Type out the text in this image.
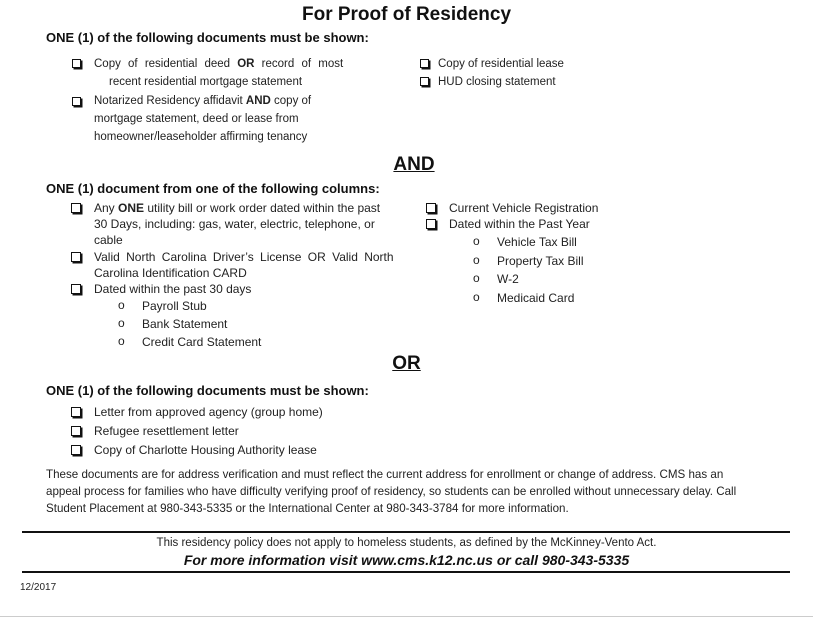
For Proof of Residency
ONE (1) of the following documents must be shown:
Copy of residential deed OR record of most
recent residential mortgage statement
Notarized Residency affidavit AND copy of
mortgage statement, deed or lease from
homeowner/leaseholder affirming tenancy
Copy of residential lease
HUD closing statement
AND
ONE (1) document from one of the following columns:
Any ONE utility bill or work order dated within the past
30 Days, including: gas, water, electric, telephone, or
cable
Valid North Carolina Driver’s License OR Valid North
Carolina Identification CARD
Dated within the past 30 days
o Payroll Stub
o Bank Statement
o Credit Card Statement
Current Vehicle Registration
Dated within the Past Year
o Vehicle Tax Bill
o Property Tax Bill
o W-2
o Medicaid Card
OR
ONE (1) of the following documents must be shown:
Letter from approved agency (group home)
Refugee resettlement letter
Copy of Charlotte Housing Authority lease
These documents are for address verification and must reflect the current address for enrollment or change of address. CMS has an
appeal process for families who have difficulty verifying proof of residency, so students can be enrolled without unnecessary delay. Call
Student Placement at 980-343-5335 or the International Center at 980-343-3784 for more information.
This residency policy does not apply to homeless students, as defined by the McKinney-Vento Act.
For more information visit www.cms.k12.nc.us or call 980-343-5335
12/2017
